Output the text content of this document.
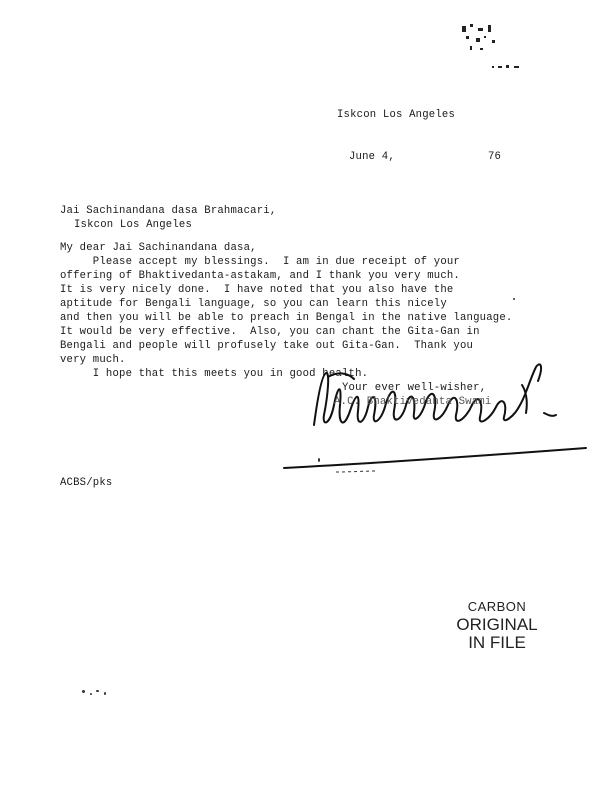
Iskcon Los Angeles
June 4,	76
Jai Sachinandana dasa Brahmacari,
Iskcon Los Angeles
My dear Jai Sachinandana dasa,
Please accept my blessings.  I am in due receipt of your
offering of Bhaktivedanta-astakam, and I thank you very much.
It is very nicely done.  I have noted that you also have the
aptitude for Bengali language, so you can learn this nicely
and then you will be able to preach in Bengal in the native language.
It would be very effective.  Also, you can chant the Gita-Gan in
Bengali and people will profusely take out Gita-Gan.  Thank you
very much.
I hope that this meets you in good health.
Your ever well-wisher,
A.C. Bhaktivedanta Swami
ACBS/pks
CARBON
ORIGINAL
IN FILE
